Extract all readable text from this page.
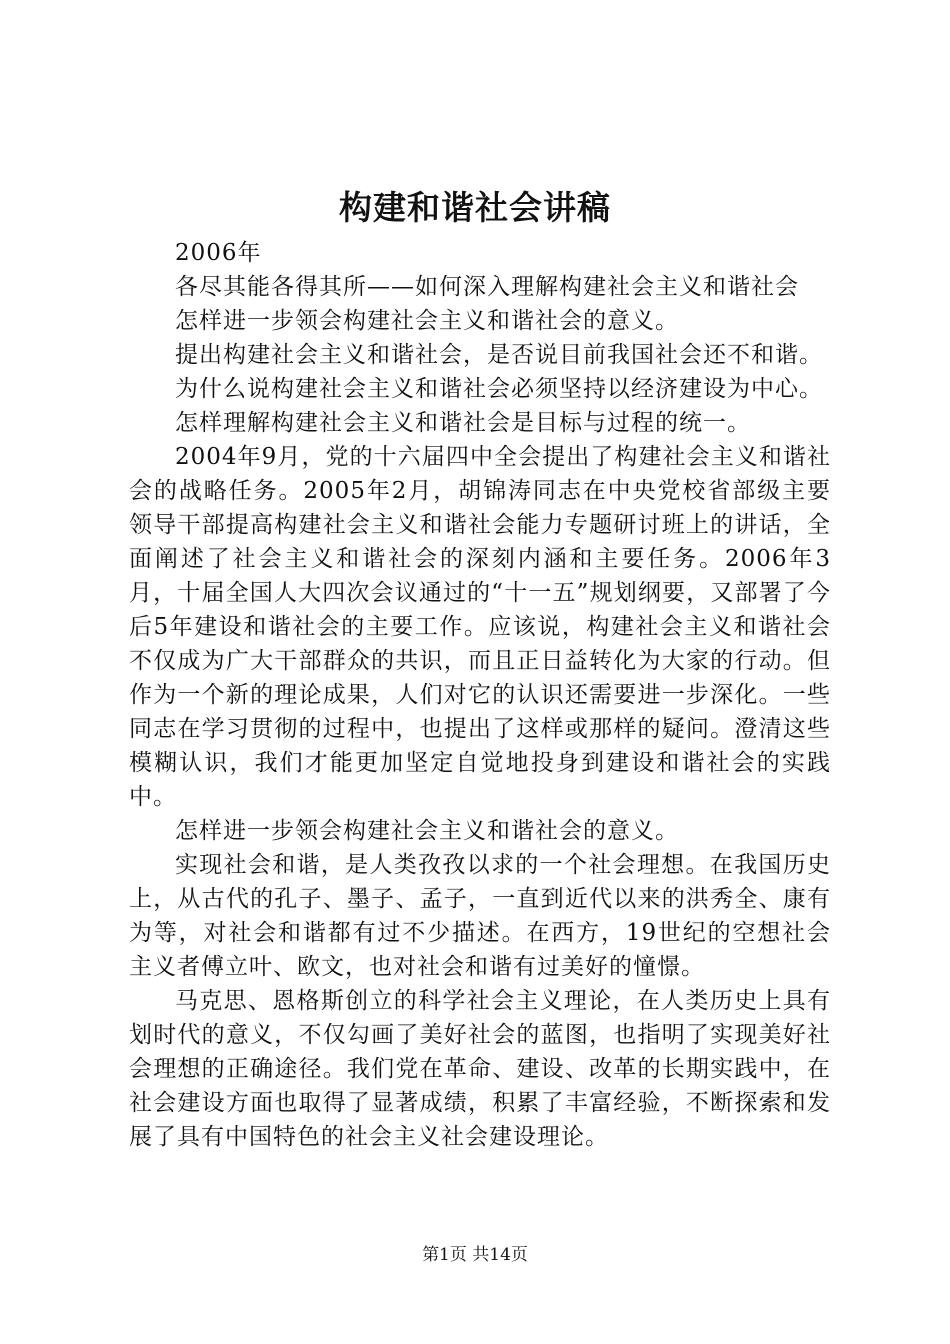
构建和谐社会讲稿

2006年

各尽其能各得其所——如何深入理解构建社会主义和谐社会

怎样进一步领会构建社会主义和谐社会的意义。

提出构建社会主义和谐社会，是否说目前我国社会还不和谐。

为什么说构建社会主义和谐社会必须坚持以经济建设为中心。

怎样理解构建社会主义和谐社会是目标与过程的统一。

2004年9月，党的十六届四中全会提出了构建社会主义和谐社会的战略任务。2005年2月，胡锦涛同志在中央党校省部级主要领导干部提高构建社会主义和谐社会能力专题研讨班上的讲话，全面阐述了社会主义和谐社会的深刻内涵和主要任务。2006年3月，十届全国人大四次会议通过的“十一五”规划纲要，又部署了今后5年建设和谐社会的主要工作。应该说，构建社会主义和谐社会不仅成为广大干部群众的共识，而且正日益转化为大家的行动。但作为一个新的理论成果，人们对它的认识还需要进一步深化。一些同志在学习贯彻的过程中，也提出了这样或那样的疑问。澄清这些模糊认识，我们才能更加坚定自觉地投身到建设和谐社会的实践中。

怎样进一步领会构建社会主义和谐社会的意义。

实现社会和谐，是人类孜孜以求的一个社会理想。在我国历史上，从古代的孔子、墨子、孟子，一直到近代以来的洪秀全、康有为等，对社会和谐都有过不少描述。在西方，19世纪的空想社会主义者傅立叶、欧文，也对社会和谐有过美好的憧憬。

马克思、恩格斯创立的科学社会主义理论，在人类历史上具有划时代的意义，不仅勾画了美好社会的蓝图，也指明了实现美好社会理想的正确途径。我们党在革命、建设、改革的长期实践中，在社会建设方面也取得了显著成绩，积累了丰富经验，不断探索和发展了具有中国特色的社会主义社会建设理论。

第1页 共14页
